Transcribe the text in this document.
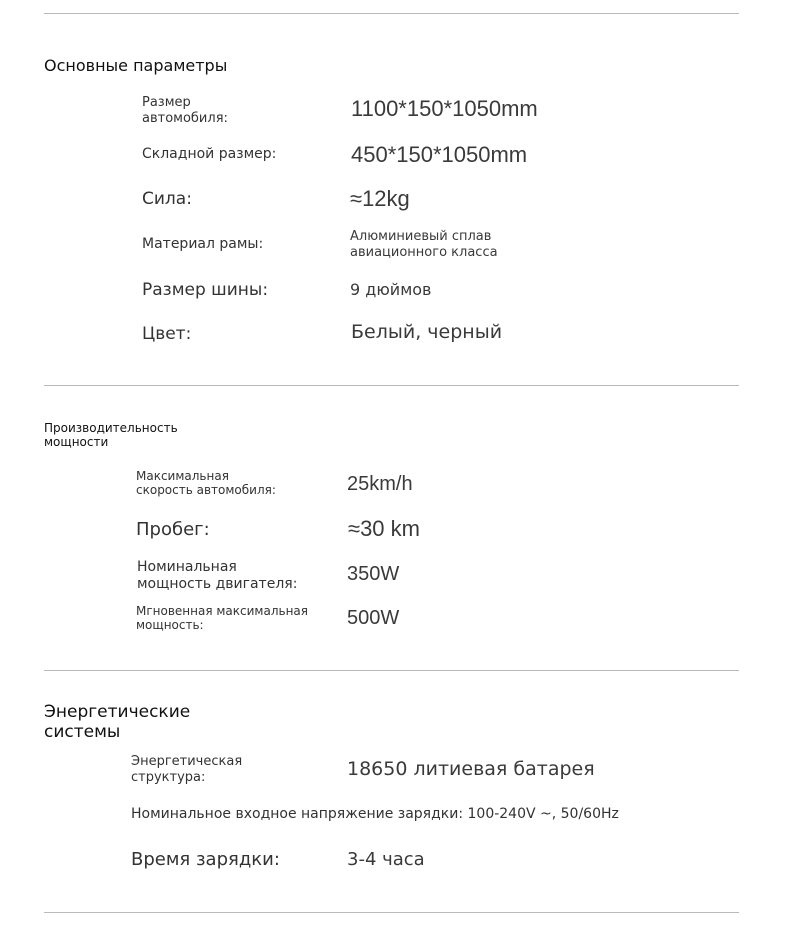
Основные параметры
Размер
автомобиля:	1100*150*1050mm
Складной размер:	450*150*1050mm
Сила:	≈12kg
Материал рамы:	Алюминиевый сплав
авиационного класса
Размер шины:	9 дюймов
Цвет:	Белый, черный
Производительность
мощности
Максимальная
скорость автомобиля:	25km/h
Пробег:	≈30 km
Номинальная
мощность двигателя: 350W
Мгновенная максимальная
мощность:	500W
Энергетические
системы
Энергетическая
структура:	18650 литиевая батарея
Номинальное входное напряжение зарядки: 100-240V ~, 50/60Hz
Время зарядки:	3-4 часа
